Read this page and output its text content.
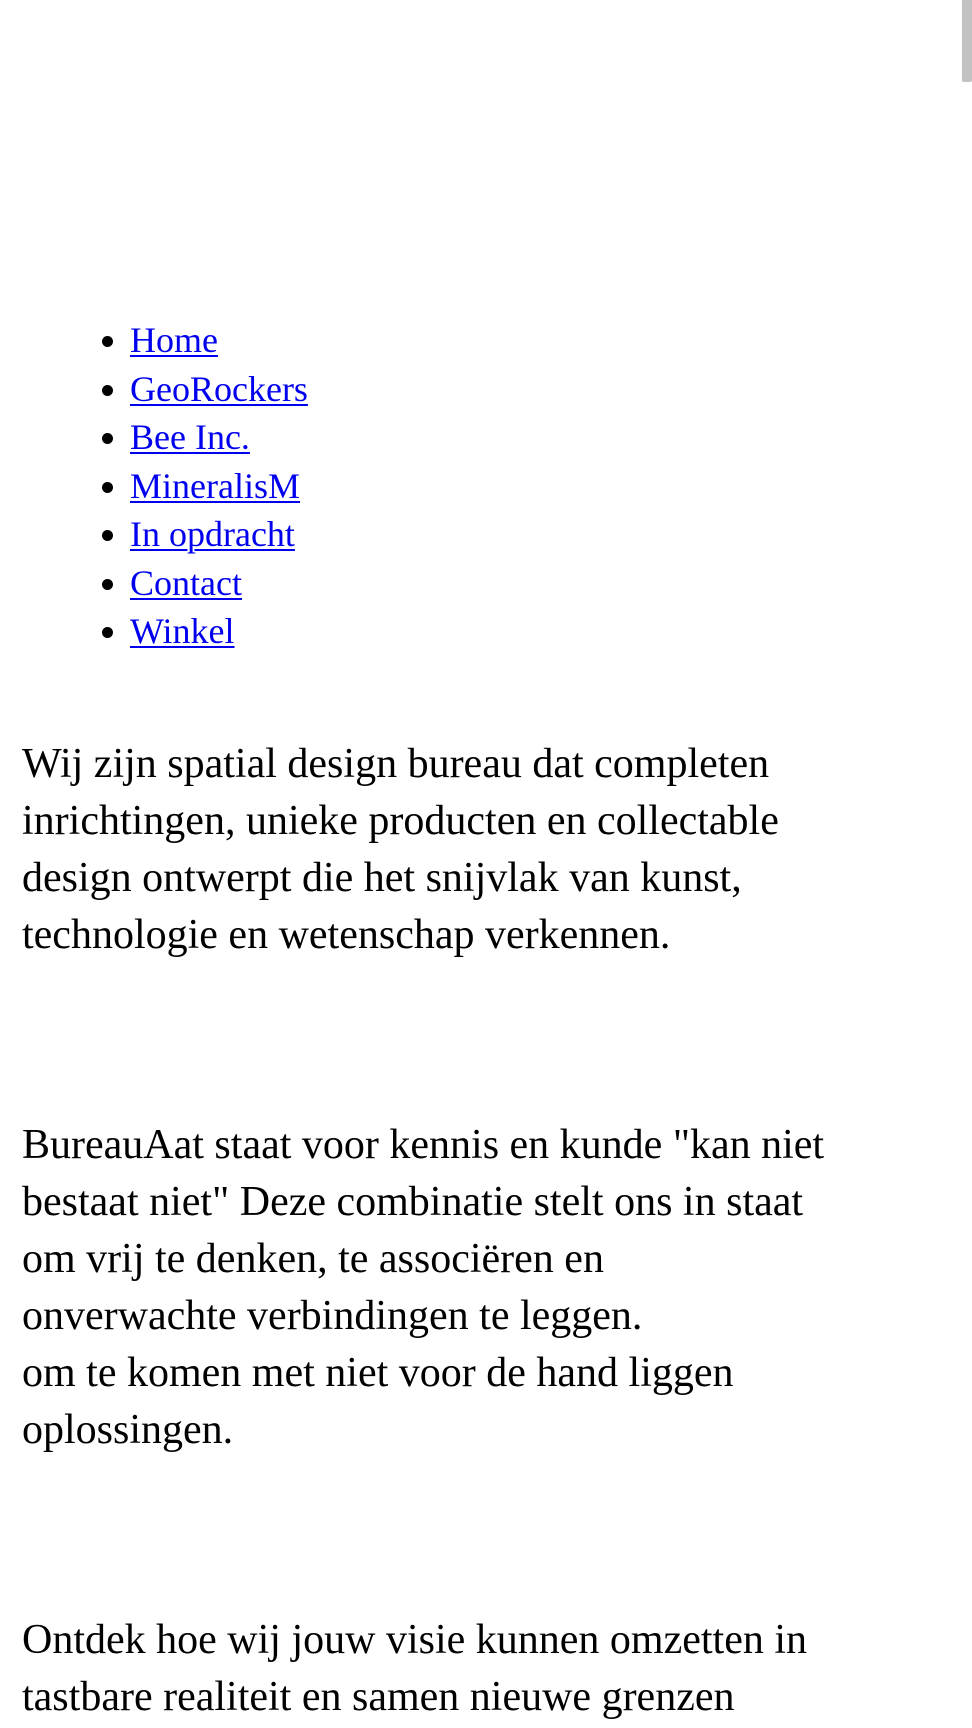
• Home
• GeoRockers
• Bee Inc.
• MineralisM
• In opdracht
• Contact
• Winkel

Wij zijn spatial design bureau dat completen
inrichtingen, unieke producten en collectable
design ontwerpt die het snijvlak van kunst,
technologie en wetenschap verkennen.

BureauAat staat voor kennis en kunde "kan niet
bestaat niet" Deze combinatie stelt ons in staat
om vrij te denken, te associëren en
onverwachte verbindingen te leggen.
om te komen met niet voor de hand liggen
oplossingen.

Ontdek hoe wij jouw visie kunnen omzetten in
tastbare realiteit en samen nieuwe grenzen
